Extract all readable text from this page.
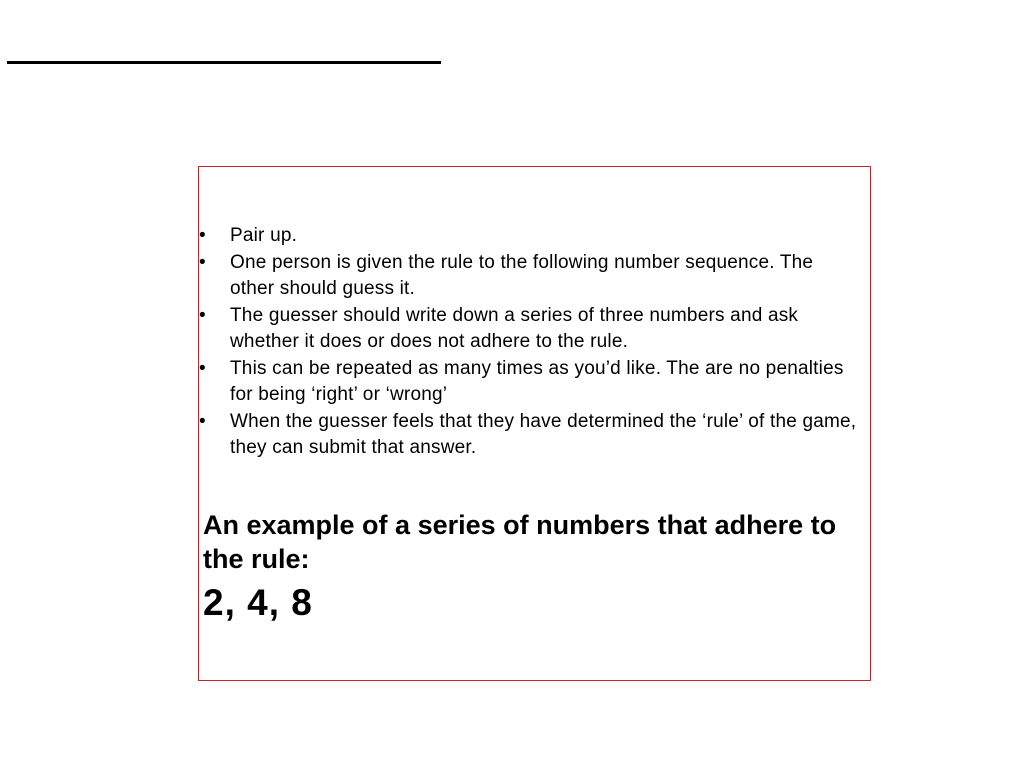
• Pair up.
• One person is given the rule to the following number sequence. The other should guess it.
• The guesser should write down a series of three numbers and ask whether it does or does not adhere to the rule.
• This can be repeated as many times as you’d like. The are no penalties for being ‘right’ or ‘wrong’
• When the guesser feels that they have determined the ‘rule’ of the game, they can submit that answer.

An example of a series of numbers that adhere to the rule:

2, 4, 8
